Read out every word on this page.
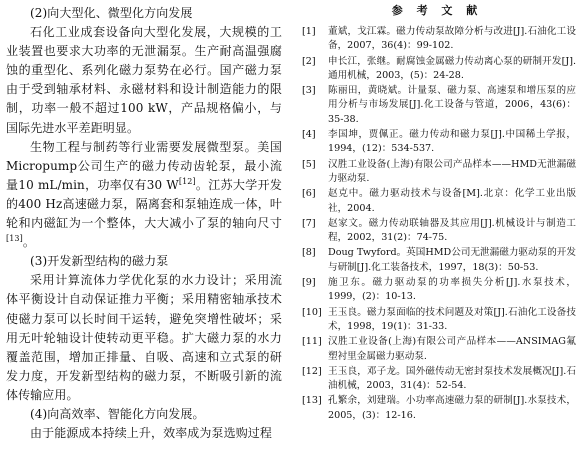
(2)向大型化、微型化方向发展

石化工业成套设备向大型化发展，大规模的工业装置也要求大功率的无泄漏泵。生产耐高温强腐蚀的重型化、系列化磁力泵势在必行。国产磁力泵由于受到轴承材料、永磁材料和设计制造能力的限制，功率一般不超过100 kW，产品规格偏小，与国际先进水平差距明显。

生物工程与制药等行业需要发展微型泵。美国Micropump公司生产的磁力传动齿轮泵，最小流量10 mL/min，功率仅有30 W[12]。江苏大学开发的400 Hz高速磁力泵，隔离套和泵轴连成一体，叶轮和内磁缸为一个整体，大大减小了泵的轴向尺寸[13]。

(3)开发新型结构的磁力泵

采用计算流体力学优化泵的水力设计；采用流体平衡设计自动保证推力平衡；采用精密轴承技术使磁力泵可以长时间干运转，避免突增性破坏；采用无叶轮轴设计使转动更平稳。扩大磁力泵的水力覆盖范围，增加正排量、自吸、高速和立式泵的研发力度，开发新型结构的磁力泵，不断吸引新的流体传输应用。

(4)向高效率、智能化方向发展。

由于能源成本持续上升，效率成为泵选购过程

参 考 文 献
[1]	董斌，戈江霖。磁力传动泵故障分析与改进[J].石油化工设备，2007，36(4)：99-102.
[2]	申长江，张继。耐腐蚀金属磁力传动离心泵的研制开发[J].通用机械，2003，(5)：24-28.
[3]	陈丽田，黄晓斌。计量泵、磁力泵、高速泵和增压泵的应用分析与市场发展[J].化工设备与管道，2006，43(6)：35-38.
[4]	李国坤，贾佩正。磁力传动和磁力泵[J].中国稀土学报，1994，(12)：534-537.
[5]	汉胜工业设备(上海)有限公司产品样本——HMD无泄漏磁力驱动泵.
[6]	赵克中。磁力驱动技术与设备[M].北京：化学工业出版社，2004.
[7]	赵家文。磁力传动联轴器及其应用[J].机械设计与制造工程，2002，31(2)：74-75.
[8]	Doug Twyford。英国HMD公司无泄漏磁力驱动泵的开发与研制[J].化工装备技术，1997，18(3)：50-53.
[9]	施卫东。磁力驱动泵的功率损失分析[J].水泵技术，1999，(2)：10-13.
[10] 王玉良。磁力泵面临的技术问题及对策[J].石油化工设备技术，1998，19(1)：31-33.
[11] 汉胜工业设备(上海)有限公司产品样本——ANSIMAG氟塑衬里金属磁力驱动泵.
[12] 王玉良，邓子龙。国外磁传动无密封泵技术发展概况[J].石油机械，2003，31(4)：52-54.
[13] 孔繁余，刘建瑞。小功率高速磁力泵的研制[J].水泵技术，2005，(3)：12-16.
